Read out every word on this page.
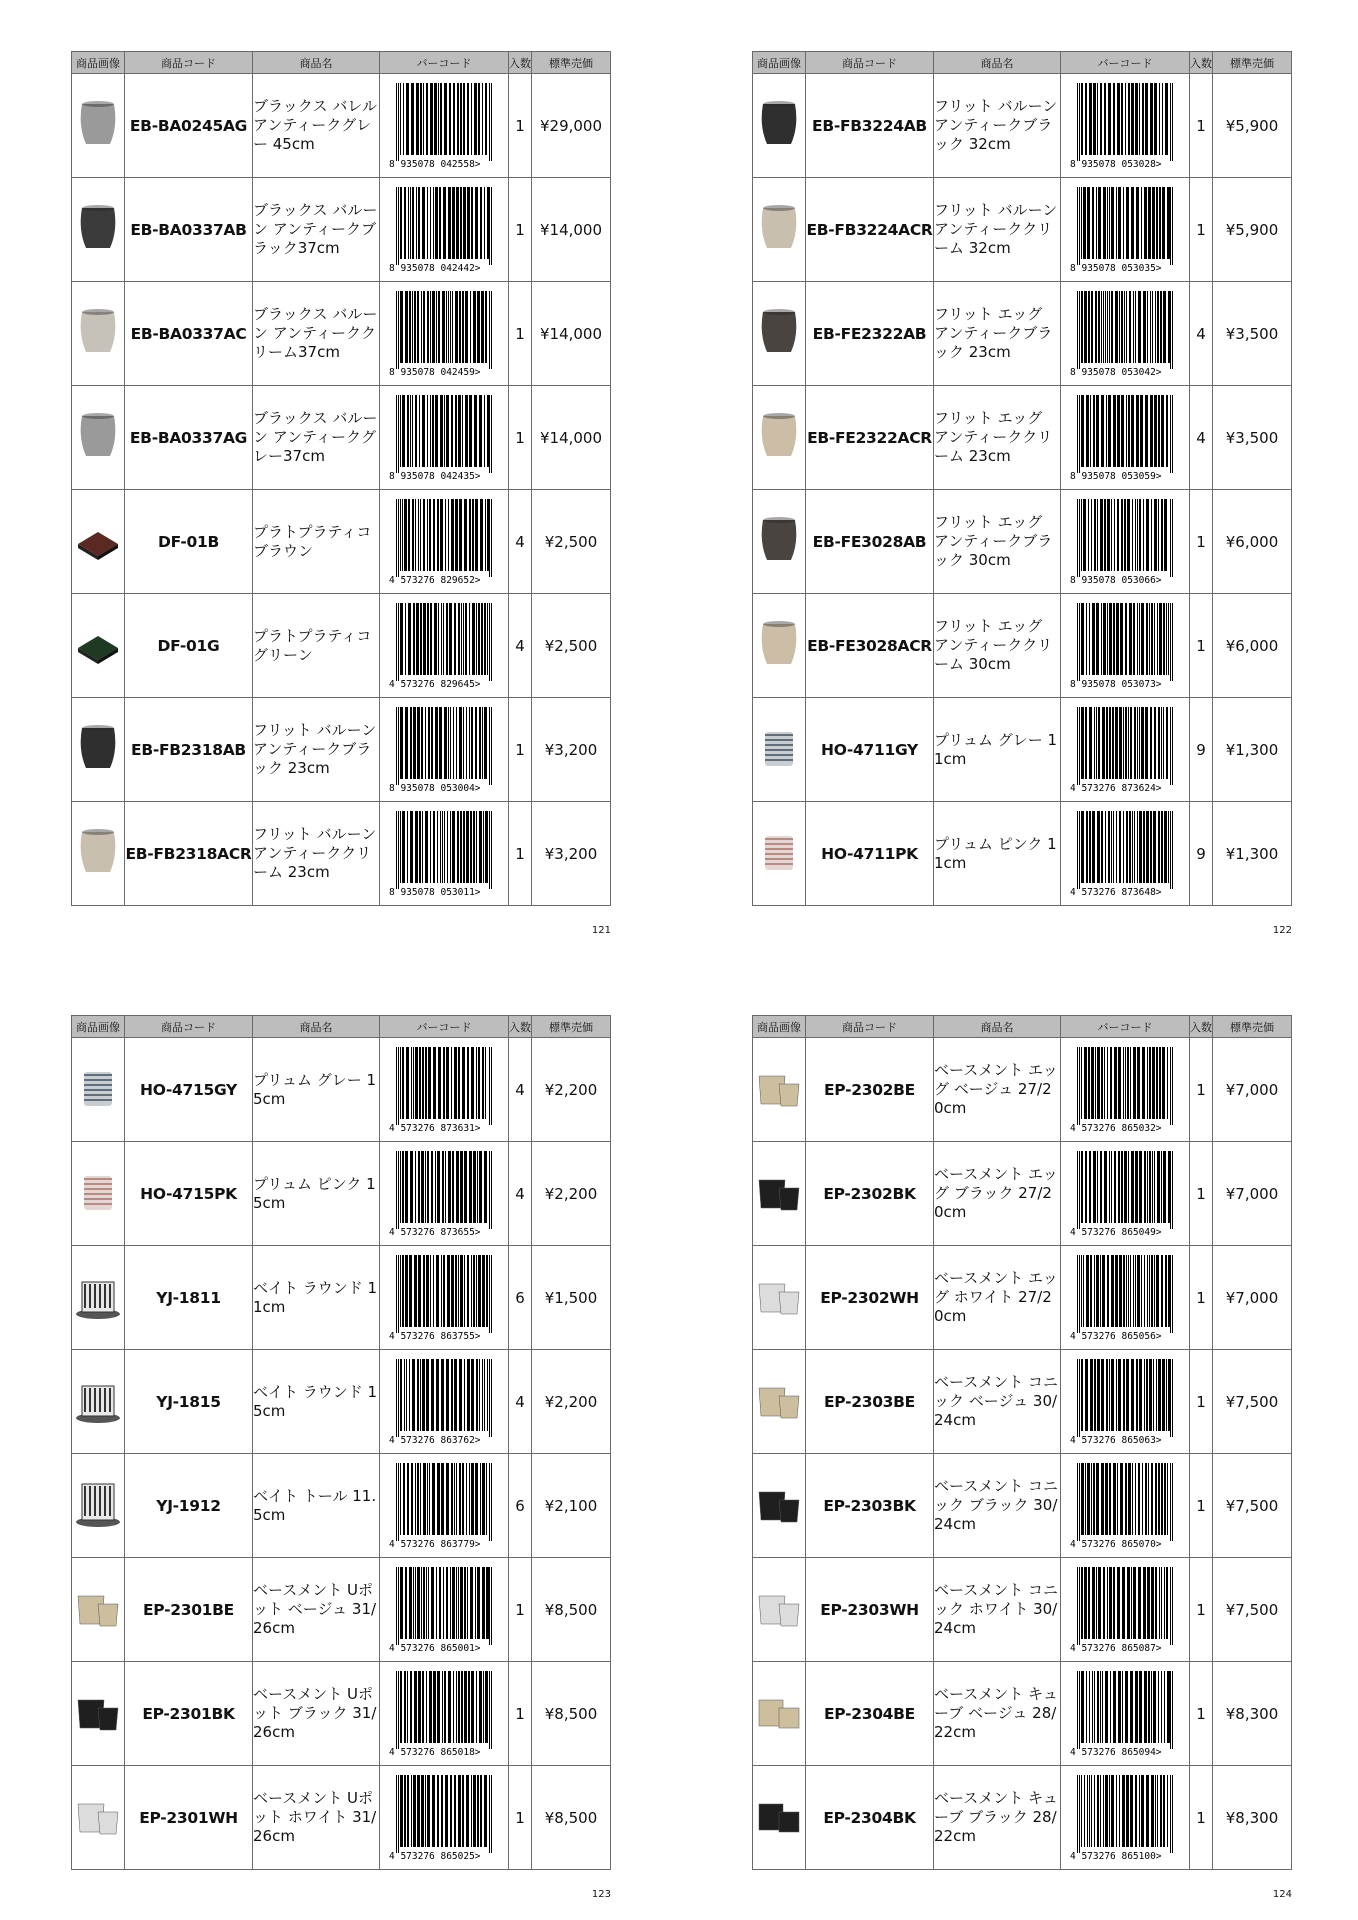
商品画像	商品コード	商品名	バーコード	入数	標準売価
	EB-BA0245AG	ブラックス バレル アンティークグレー 45cm	8 935078 042558>	1	¥29,000
	EB-BA0337AB	ブラックス バルーン アンティークブラック37cm	8 935078 042442>	1	¥14,000
	EB-BA0337AC	ブラックス バルーン アンティーククリーム37cm	8 935078 042459>	1	¥14,000
	EB-BA0337AG	ブラックス バルーン アンティークグレー37cm	8 935078 042435>	1	¥14,000
	DF-01B	プラトプラティコブラウン	4 573276 829652>	4	¥2,500
	DF-01G	プラトプラティコグリーン	4 573276 829645>	4	¥2,500
	EB-FB2318AB	フリット バルーン アンティークブラック 23cm	8 935078 053004>	1	¥3,200
	EB-FB2318ACR	フリット バルーン アンティーククリーム 23cm	8 935078 053011>	1	¥3,200
121
商品画像	商品コード	商品名	バーコード	入数	標準売価
	EB-FB3224AB	フリット バルーン アンティークブラック 32cm	8 935078 053028>	1	¥5,900
	EB-FB3224ACR	フリット バルーン アンティーククリーム 32cm	8 935078 053035>	1	¥5,900
	EB-FE2322AB	フリット エッグ アンティークブラック 23cm	8 935078 053042>	4	¥3,500
	EB-FE2322ACR	フリット エッグ アンティーククリーム 23cm	8 935078 053059>	4	¥3,500
	EB-FE3028AB	フリット エッグ アンティークブラック 30cm	8 935078 053066>	1	¥6,000
	EB-FE3028ACR	フリット エッグ アンティーククリーム 30cm	8 935078 053073>	1	¥6,000
	HO-4711GY	プリュム グレー 11cm	4 573276 873624>	9	¥1,300
	HO-4711PK	プリュム ピンク 11cm	4 573276 873648>	9	¥1,300
122
商品画像	商品コード	商品名	バーコード	入数	標準売価
	HO-4715GY	プリュム グレー 15cm	4 573276 873631>	4	¥2,200
	HO-4715PK	プリュム ピンク 15cm	4 573276 873655>	4	¥2,200
	YJ-1811	ベイト ラウンド 11cm	4 573276 863755>	6	¥1,500
	YJ-1815	ベイト ラウンド 15cm	4 573276 863762>	4	¥2,200
	YJ-1912	ベイト トール 11.5cm	4 573276 863779>	6	¥2,100
	EP-2301BE	ベースメント Uポット ベージュ 31/26cm	4 573276 865001>	1	¥8,500
	EP-2301BK	ベースメント Uポット ブラック 31/26cm	4 573276 865018>	1	¥8,500
	EP-2301WH	ベースメント Uポット ホワイト 31/26cm	4 573276 865025>	1	¥8,500
123
商品画像	商品コード	商品名	バーコード	入数	標準売価
	EP-2302BE	ベースメント エッグ ベージュ 27/20cm	4 573276 865032>	1	¥7,000
	EP-2302BK	ベースメント エッグ ブラック 27/20cm	4 573276 865049>	1	¥7,000
	EP-2302WH	ベースメント エッグ ホワイト 27/20cm	4 573276 865056>	1	¥7,000
	EP-2303BE	ベースメント コニック ベージュ 30/24cm	4 573276 865063>	1	¥7,500
	EP-2303BK	ベースメント コニック ブラック 30/24cm	4 573276 865070>	1	¥7,500
	EP-2303WH	ベースメント コニック ホワイト 30/24cm	4 573276 865087>	1	¥7,500
	EP-2304BE	ベースメント キューブ ベージュ 28/22cm	4 573276 865094>	1	¥8,300
	EP-2304BK	ベースメント キューブ ブラック 28/22cm	4 573276 865100>	1	¥8,300
124
